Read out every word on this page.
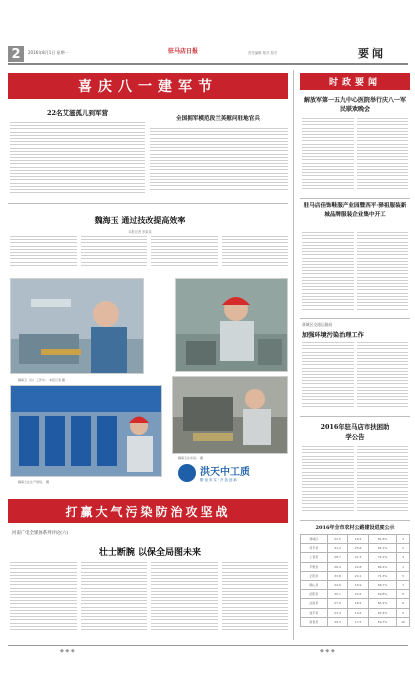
2	2016年8月1日 星期一	驻马店日报	责任编辑 版式 校对	要闻
喜庆八一建军节
22名艾滋孤儿到军营
全国拥军模范段兰英慰问驻地官兵
魏海玉 通过技改提高效率
本报记者 李某某
魏海玉（右）工作中。 本报记者 摄
魏海玉在生产现场。 摄
魏海玉在车间。 摄
洪天中工质
勤 奋 务 实 · 开 拓 创 新
打赢大气污染防治攻坚战
河南广电全媒体系列评论(六)
壮士断腕 以保全局图未来
时政要闻
解放军第一五九中心医院举行庆八一军民联欢晚会
驻马店佳饰鞋服产业园暨西平·驿祖服装新城品牌服装企业集中开工
驿城区交通运输局
加强环境污染治理工作
2016年驻马店市扶困助学公告
2016年全市农村公路建设进度公示
驿城区	22.5	18.4	81.8%	3
西平县	31.2	25.6	82.1%	2
上蔡县	28.7	21.3	74.2%	4
平舆县	26.4	22.8	86.4%	1
正阳县	33.8	24.1	71.3%	5
确山县	24.6	16.9	68.7%	7
泌阳县	35.1	24.5	69.8%	6
汝南县	27.9	18.2	65.2%	8
遂平县	23.4	14.6	62.4%	9
新蔡县	29.3	17.5	59.7%	10
◆ ◆ ◆	◆ ◆ ◆
